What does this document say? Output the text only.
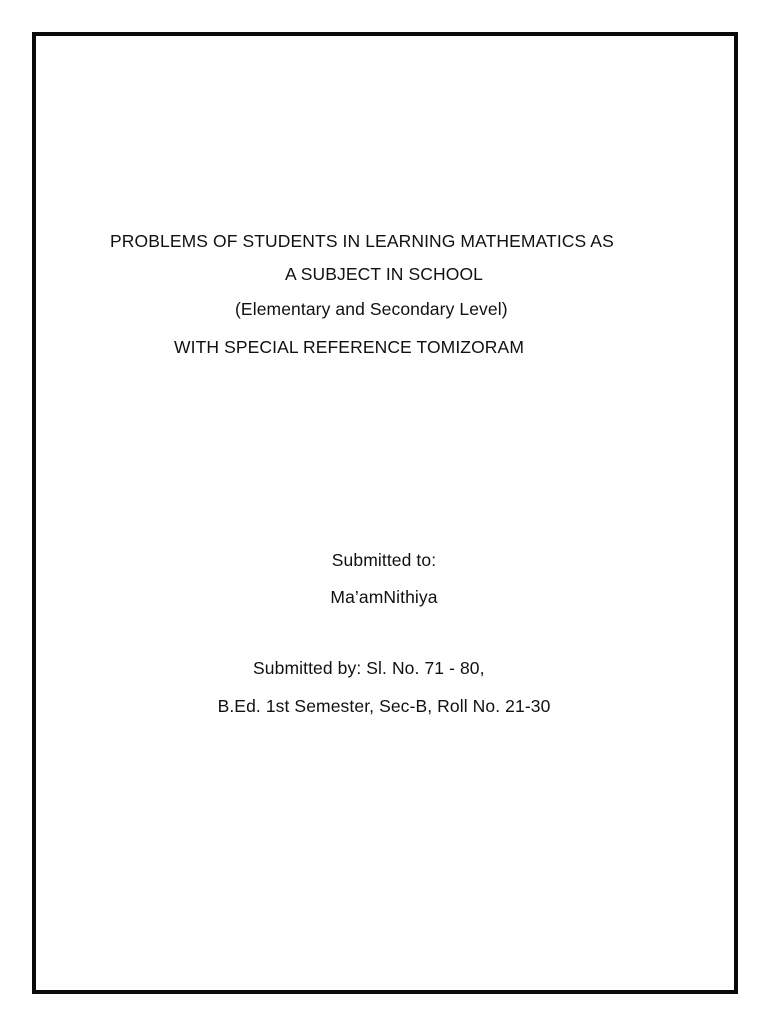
PROBLEMS OF STUDENTS IN LEARNING MATHEMATICS AS
A SUBJECT IN SCHOOL
(Elementary and Secondary Level)
WITH SPECIAL REFERENCE TOMIZORAM
Submitted to:
Ma’amNithiya
Submitted by: Sl. No. 71 - 80,
B.Ed. 1st Semester, Sec-B, Roll No. 21-30
